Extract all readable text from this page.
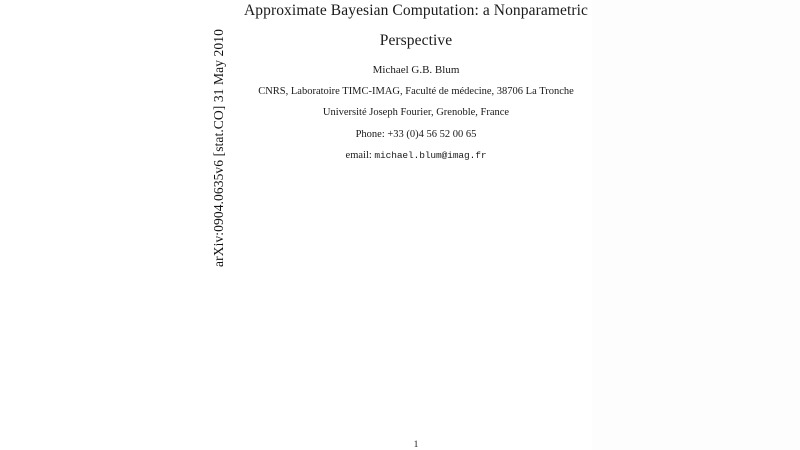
arXiv:0904.0635v6 [stat.CO] 31 May 2010
Approximate Bayesian Computation: a Nonparametric
Perspective
Michael G.B. Blum
CNRS, Laboratoire TIMC-IMAG, Faculté de médecine, 38706 La Tronche
Université Joseph Fourier, Grenoble, France
Phone: +33 (0)4 56 52 00 65
email: michael.blum@imag.fr
1
